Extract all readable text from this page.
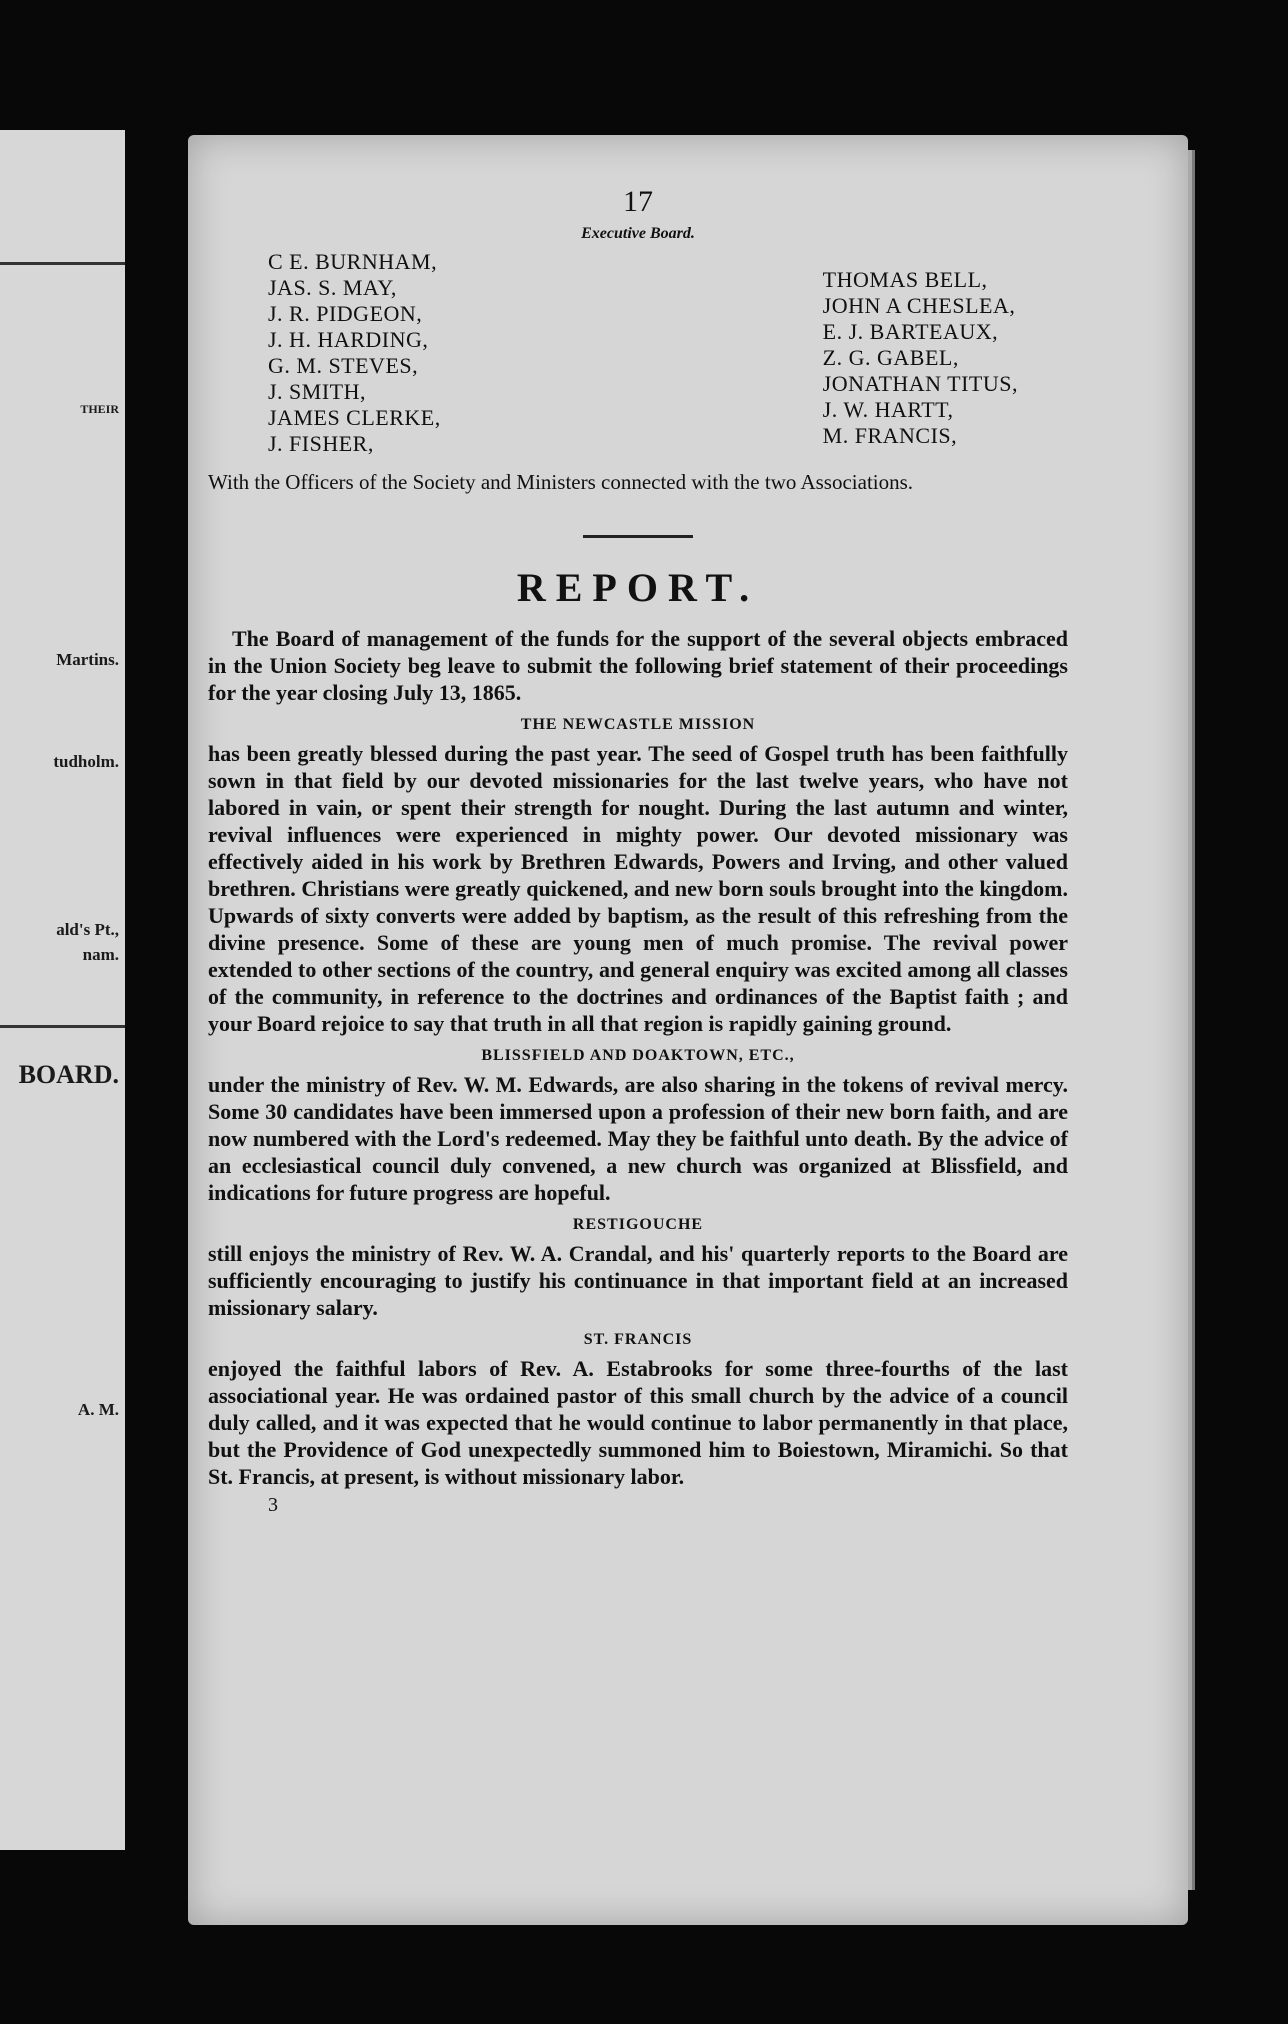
THEIR
Martins.
tudholm.
ald's Pt.,
nam.
BOARD.
A. M.
17
Executive Board.
C E. BURNHAM,
JAS. S. MAY,
J. R. PIDGEON,
J. H. HARDING,
G. M. STEVES,
J. SMITH,
JAMES CLERKE,
J. FISHER,
THOMAS BELL,
JOHN A CHESLEA,
E. J. BARTEAUX,
Z. G. GABEL,
JONATHAN TITUS,
J. W. HARTT,
M. FRANCIS,
With the Officers of the Society and Ministers connected with the two Associations.
REPORT.

The Board of management of the funds for the support of the several objects embraced in the Union Society beg leave to submit the following brief statement of their proceedings for the year closing July 13, 1865.

THE NEWCASTLE MISSION

has been greatly blessed during the past year. The seed of Gospel truth has been faithfully sown in that field by our devoted missionaries for the last twelve years, who have not labored in vain, or spent their strength for nought. During the last autumn and winter, revival influences were experienced in mighty power. Our devoted missionary was effectively aided in his work by Brethren Edwards, Powers and Irving, and other valued brethren. Christians were greatly quickened, and new born souls brought into the kingdom. Upwards of sixty converts were added by baptism, as the result of this refreshing from the divine presence. Some of these are young men of much promise. The revival power extended to other sections of the country, and general enquiry was excited among all classes of the community, in reference to the doctrines and ordinances of the Baptist faith ; and your Board rejoice to say that truth in all that region is rapidly gaining ground.

BLISSFIELD AND DOAKTOWN, ETC.,

under the ministry of Rev. W. M. Edwards, are also sharing in the tokens of revival mercy. Some 30 candidates have been immersed upon a profession of their new born faith, and are now numbered with the Lord's redeemed. May they be faithful unto death. By the advice of an ecclesiastical council duly convened, a new church was organized at Blissfield, and indications for future progress are hopeful.

RESTIGOUCHE

still enjoys the ministry of Rev. W. A. Crandal, and his' quarterly reports to the Board are sufficiently encouraging to justify his continuance in that important field at an increased missionary salary.

ST. FRANCIS

enjoyed the faithful labors of Rev. A. Estabrooks for some three-fourths of the last associational year. He was ordained pastor of this small church by the advice of a council duly called, and it was expected that he would continue to labor permanently in that place, but the Providence of God unexpectedly summoned him to Boiestown, Miramichi. So that St. Francis, at present, is without missionary labor.

3
